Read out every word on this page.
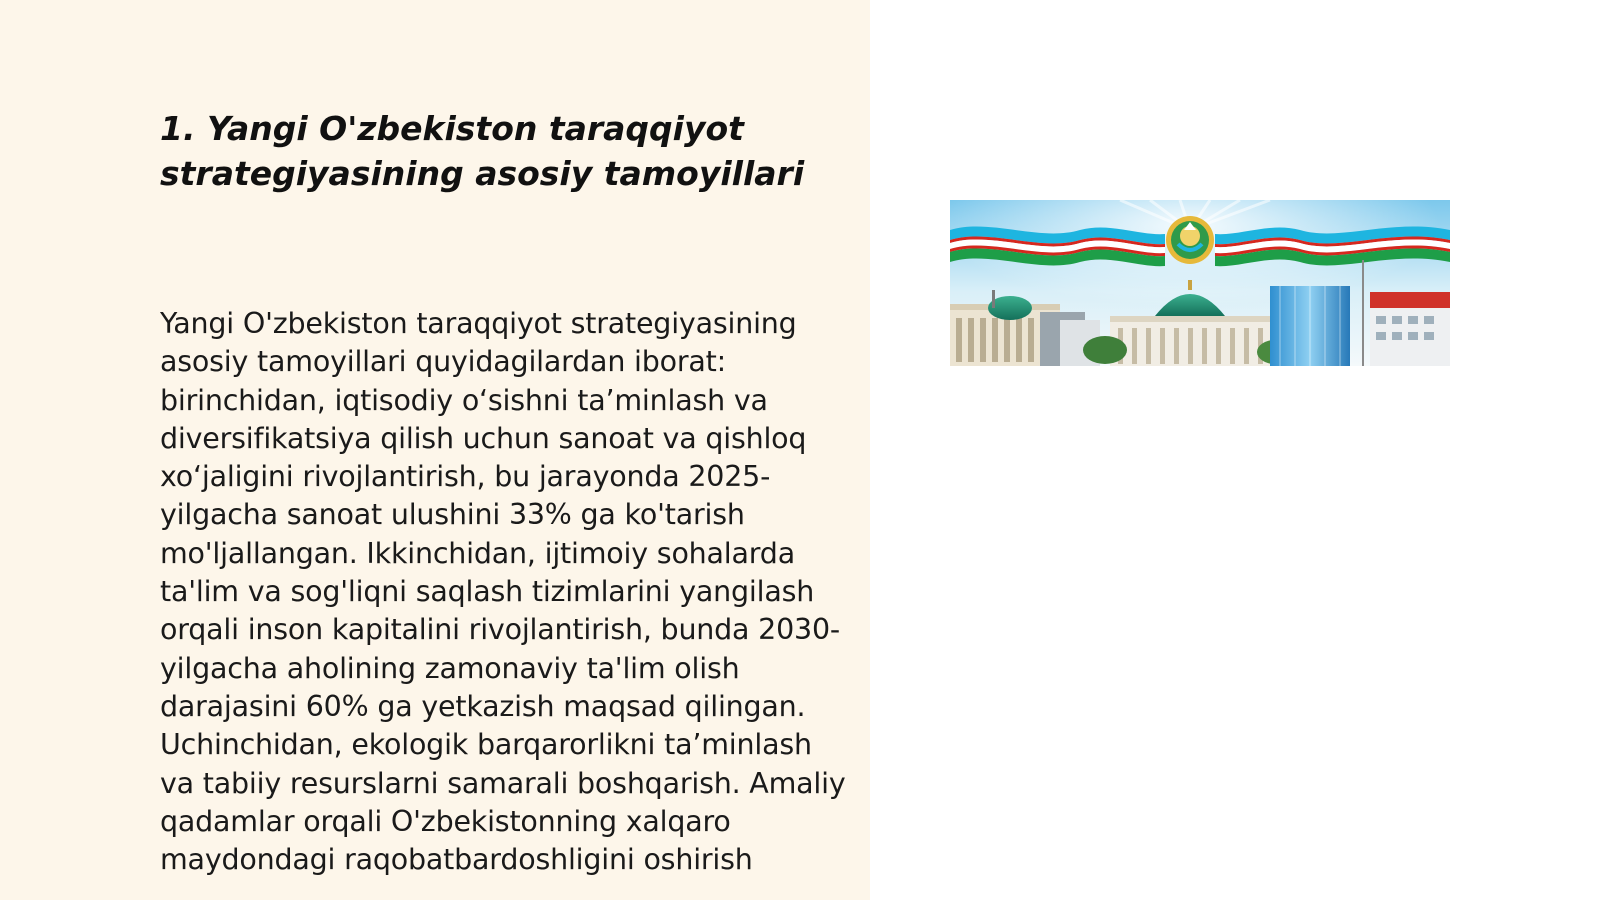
1. Yangi O'zbekiston taraqqiyot strategiyasining asosiy tamoyillari

Yangi O'zbekiston taraqqiyot strategiyasining asosiy tamoyillari quyidagilardan iborat: birinchidan, iqtisodiy o‘sishni ta’minlash va diversifikatsiya qilish uchun sanoat va qishloq xo‘jaligini rivojlantirish, bu jarayonda 2025-yilgacha sanoat ulushini 33% ga ko'tarish mo'ljallangan. Ikkinchidan, ijtimoiy sohalarda ta'lim va sog'liqni saqlash tizimlarini yangilash orqali inson kapitalini rivojlantirish, bunda 2030-yilgacha aholining zamonaviy ta'lim olish darajasini 60% ga yetkazish maqsad qilingan. Uchinchidan, ekologik barqarorlikni ta’minlash va tabiiy resurslarni samarali boshqarish. Amaliy qadamlar orqali O'zbekistonning xalqaro maydondagi raqobatbardoshligini oshirish
